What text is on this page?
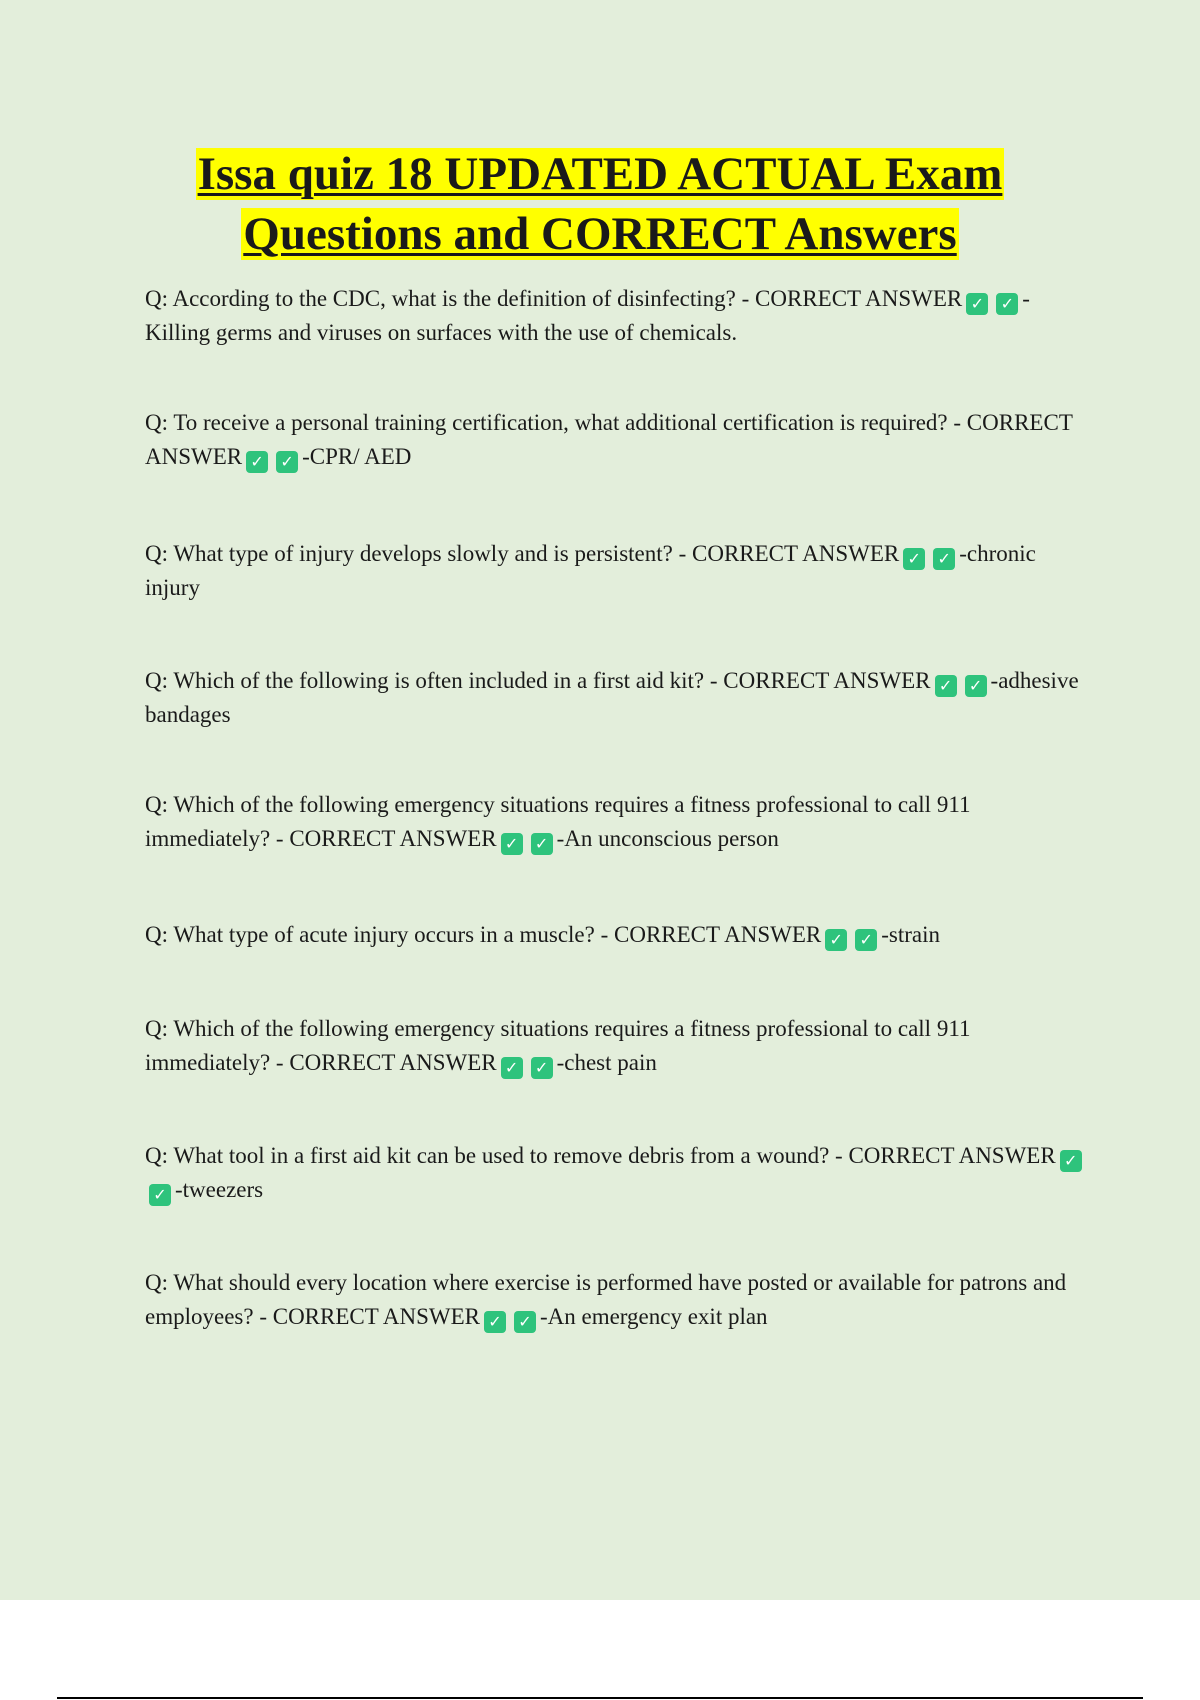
Issa quiz 18 UPDATED ACTUAL Exam
Questions and CORRECT Answers

Q: According to the CDC, what is the definition of disinfecting? - CORRECT ANSWER ✓ ✓ -Killing germs and viruses on surfaces with the use of chemicals.

Q: To receive a personal training certification, what additional certification is required? - CORRECT ANSWER ✓ ✓ -CPR/ AED

Q: What type of injury develops slowly and is persistent? - CORRECT ANSWER ✓ ✓ -chronic injury

Q: Which of the following is often included in a first aid kit? - CORRECT ANSWER ✓ ✓ -adhesive bandages

Q: Which of the following emergency situations requires a fitness professional to call 911 immediately? - CORRECT ANSWER ✓ ✓ -An unconscious person

Q: What type of acute injury occurs in a muscle? - CORRECT ANSWER ✓ ✓ -strain

Q: Which of the following emergency situations requires a fitness professional to call 911 immediately? - CORRECT ANSWER ✓ ✓ -chest pain

Q: What tool in a first aid kit can be used to remove debris from a wound? - CORRECT ANSWER ✓✓ -tweezers

Q: What should every location where exercise is performed have posted or available for patrons and employees? - CORRECT ANSWER ✓ ✓ -An emergency exit plan
